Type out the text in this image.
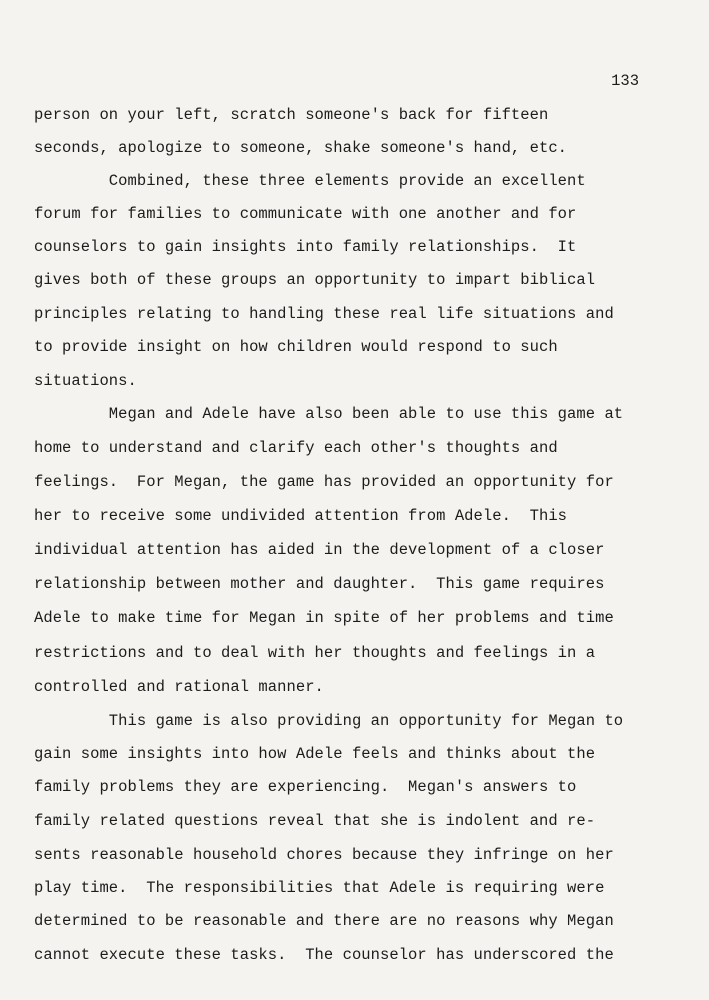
133
person on your left, scratch someone's back for fifteen
seconds, apologize to someone, shake someone's hand, etc.
Combined, these three elements provide an excellent
forum for families to communicate with one another and for
counselors to gain insights into family relationships.  It
gives both of these groups an opportunity to impart biblical
principles relating to handling these real life situations and
to provide insight on how children would respond to such
situations.
Megan and Adele have also been able to use this game at
home to understand and clarify each other's thoughts and
feelings.  For Megan, the game has provided an opportunity for
her to receive some undivided attention from Adele.  This
individual attention has aided in the development of a closer
relationship between mother and daughter.  This game requires
Adele to make time for Megan in spite of her problems and time
restrictions and to deal with her thoughts and feelings in a
controlled and rational manner.
This game is also providing an opportunity for Megan to
gain some insights into how Adele feels and thinks about the
family problems they are experiencing.  Megan's answers to
family related questions reveal that she is indolent and re-
sents reasonable household chores because they infringe on her
play time.  The responsibilities that Adele is requiring were
determined to be reasonable and there are no reasons why Megan
cannot execute these tasks.  The counselor has underscored the
